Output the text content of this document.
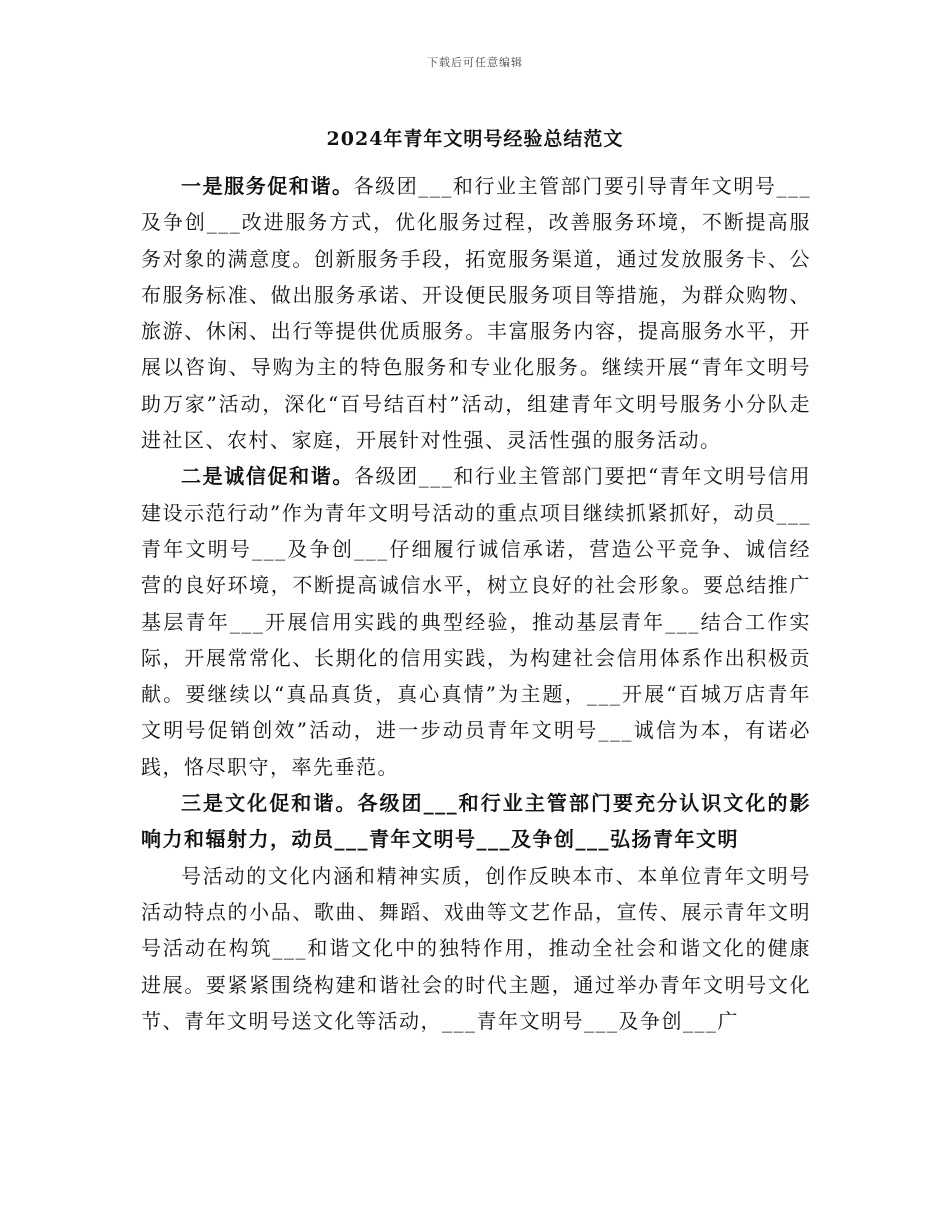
下载后可任意编辑
2024年青年文明号经验总结范文

一是服务促和谐。各级团___和行业主管部门要引导青年文明号___及争创___改进服务方式，优化服务过程，改善服务环境，不断提高服务对象的满意度。创新服务手段，拓宽服务渠道，通过发放服务卡、公布服务标准、做出服务承诺、开设便民服务项目等措施，为群众购物、旅游、休闲、出行等提供优质服务。丰富服务内容，提高服务水平，开展以咨询、导购为主的特色服务和专业化服务。继续开展“青年文明号助万家”活动，深化“百号结百村”活动，组建青年文明号服务小分队走进社区、农村、家庭，开展针对性强、灵活性强的服务活动。

二是诚信促和谐。各级团___和行业主管部门要把“青年文明号信用建设示范行动”作为青年文明号活动的重点项目继续抓紧抓好，动员___青年文明号___及争创___仔细履行诚信承诺，营造公平竞争、诚信经营的良好环境，不断提高诚信水平，树立良好的社会形象。要总结推广基层青年___开展信用实践的典型经验，推动基层青年___结合工作实际，开展常常化、长期化的信用实践，为构建社会信用体系作出积极贡献。要继续以“真品真货，真心真情”为主题，___开展“百城万店青年文明号促销创效”活动，进一步动员青年文明号___诚信为本，有诺必践，恪尽职守，率先垂范。

三是文化促和谐。各级团___和行业主管部门要充分认识文化的影响力和辐射力，动员___青年文明号___及争创___弘扬青年文明

号活动的文化内涵和精神实质，创作反映本市、本单位青年文明号活动特点的小品、歌曲、舞蹈、戏曲等文艺作品，宣传、展示青年文明号活动在构筑___和谐文化中的独特作用，推动全社会和谐文化的健康进展。要紧紧围绕构建和谐社会的时代主题，通过举办青年文明号文化节、青年文明号送文化等活动，___青年文明号___及争创___广
